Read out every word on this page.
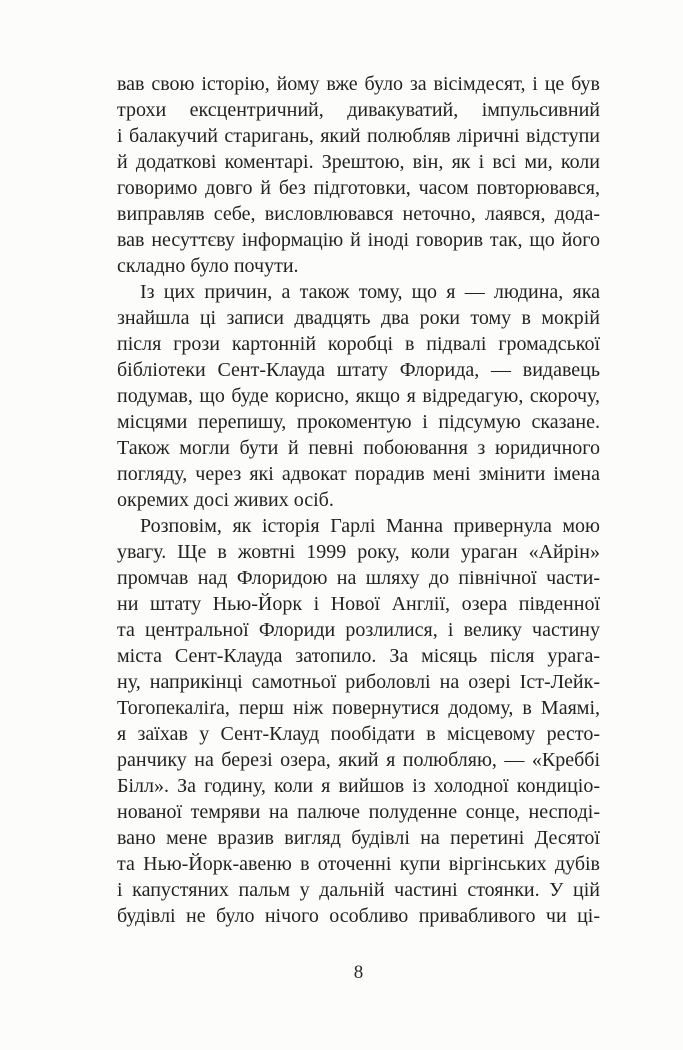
вав свою історію, йому вже було за вісімдесят, і це був
трохи ексцентричний, дивакуватий, імпульсивний
і балакучий старигань, який полюбляв ліричні відступи
й додаткові коментарі. Зрештою, він, як і всі ми, коли
говоримо довго й без підготовки, часом повторювався,
виправляв себе, висловлювався неточно, лаявся, дода-
вав несуттєву інформацію й іноді говорив так, що його
складно було почути.
Із цих причин, а також тому, що я — людина, яка
знайшла ці записи двадцять два роки тому в мокрій
після грози картонній коробці в підвалі громадської
бібліотеки Сент-Клауда штату Флорида, — видавець
подумав, що буде корисно, якщо я відредагую, скорочу,
місцями перепишу, прокоментую і підсумую сказане.
Також могли бути й певні побоювання з юридичного
погляду, через які адвокат порадив мені змінити імена
окремих досі живих осіб.
Розповім, як історія Гарлі Манна привернула мою
увагу. Ще в жовтні 1999 року, коли ураган «Айрін»
промчав над Флоридою на шляху до північної части-
ни штату Нью-Йорк і Нової Англії, озера південної
та центральної Флориди розлилися, і велику частину
міста Сент-Клауда затопило. За місяць після урага-
ну, наприкінці самотньої риболовлі на озері Іст-Лейк-
Тогопекаліґа, перш ніж повернутися додому, в Маямі,
я заїхав у Сент-Клауд пообідати в місцевому ресто-
ранчику на березі озера, який я полюбляю, — «Креббі
Білл». За годину, коли я вийшов із холодної кондиціо-
нованої темряви на палюче полуденне сонце, несподі-
вано мене вразив вигляд будівлі на перетині Десятої
та Нью-Йорк-авеню в оточенні купи віргінських дубів
і капустяних пальм у дальній частині стоянки. У цій
будівлі не було нічого особливо привабливого чи ці-
8
